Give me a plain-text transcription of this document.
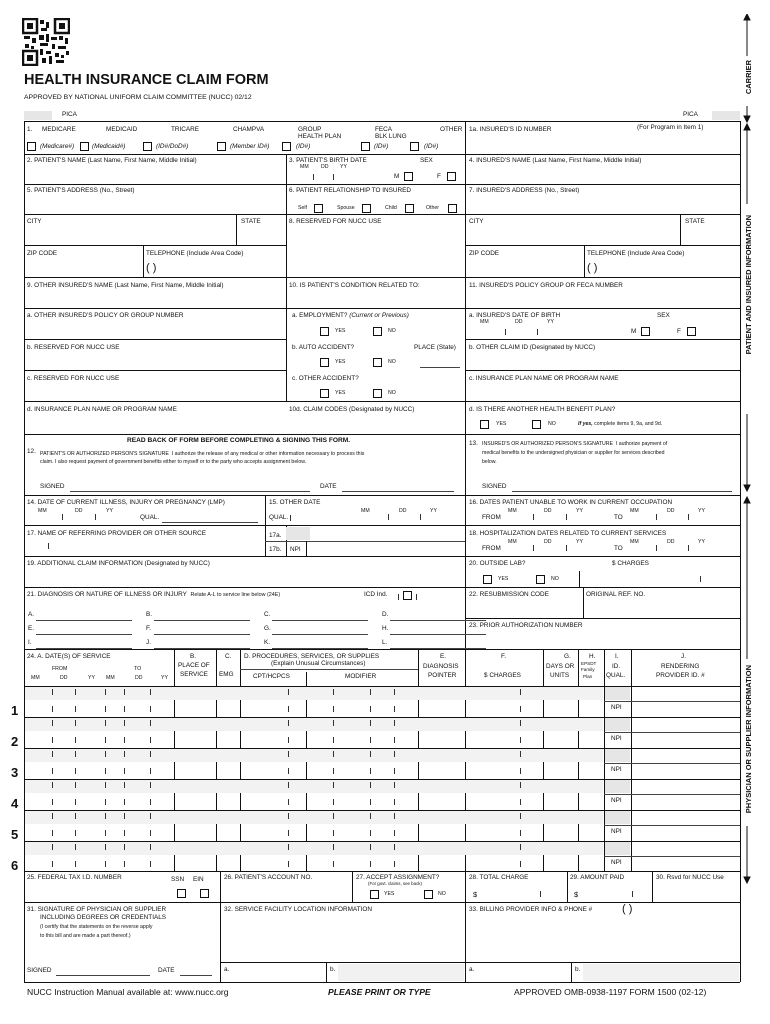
HEALTH INSURANCE CLAIM FORM
APPROVED BY NATIONAL UNIFORM CLAIM COMMITTEE (NUCC) 02/12
CARRIER
PATIENT AND INSURED INFORMATION
PHYSICIAN OR SUPPLIER INFORMATION
PICA	PICA
1. MEDICARE	MEDICAID	TRICARE	CHAMPVA	GROUP
HEALTH PLAN
FECA
BLK LUNG
OTHER
(Medicare#)	(Medicaid#)	(ID#/DoD#)	(Member ID#)	(ID#)	(ID#)	(ID#)
1a. INSURED'S ID NUMBER	(For Program in Item 1)
2. PATIENT'S NAME (Last Name, First Name, Middle Initial)	3. PATIENT'S BIRTH DATE	SEX
MM DD YY
M	F
4. INSURED'S NAME (Last Name, First Name, Middle Initial)
5. PATIENT'S ADDRESS (No., Street)	6. PATIENT RELATIONSHIP TO INSURED
Self	Spouse	Child	Other
7. INSURED'S ADDRESS (No., Street)
CITY	STATE	8. RESERVED FOR NUCC USE	CITY	STATE
ZIP CODE	TELEPHONE (Include Area Code)
( )
ZIP CODE	TELEPHONE (Include Area Code)
( )
9. OTHER INSURED'S NAME (Last Name, First Name, Middle Initial)	10. IS PATIENT'S CONDITION RELATED TO:	11. INSURED'S POLICY GROUP OR FECA NUMBER
a. OTHER INSURED'S POLICY OR GROUP NUMBER	a. EMPLOYMENT? (Current or Previous)
YES	NO
a. INSURED'S DATE OF BIRTH	SEX
MM	DD	YY
M	F
b. RESERVED FOR NUCC USE	b. AUTO ACCIDENT?	PLACE (State)
YES	NO
b. OTHER CLAIM ID (Designated by NUCC)
c. RESERVED FOR NUCC USE	c. OTHER ACCIDENT?
YES	NO
c. INSURANCE PLAN NAME OR PROGRAM NAME
d. INSURANCE PLAN NAME OR PROGRAM NAME	10d. CLAIM CODES (Designated by NUCC)	d. IS THERE ANOTHER HEALTH BENEFIT PLAN?
YES	NO	If yes, complete items 9, 9a, and 9d.
READ BACK OF FORM BEFORE COMPLETING & SIGNING THIS FORM.
12. PATIENT'S OR AUTHORIZED PERSON'S SIGNATURE I authorize the release of any medical or other information necessary to process this
claim. I also request payment of government benefits either to myself or to the party who accepts assignment below.
SIGNED	DATE
13. INSURED'S OR AUTHORIZED PERSON'S SIGNATURE I authorize payment of
medical benefits to the undersigned physician or supplier for services described
below.
SIGNED
14. DATE OF CURRENT ILLNESS, INJURY OR PREGNANCY (LMP)
MM	DD	YY
QUAL.
15. OTHER DATE
QUAL.
MM	DD	YY
16. DATES PATIENT UNABLE TO WORK IN CURRENT OCCUPATION
FROM
MM	DD	YY
TO
MM	DD	YY
17. NAME OF REFERRING PROVIDER OR OTHER SOURCE	17a.
17b. NPI
18. HOSPITALIZATION DATES RELATED TO CURRENT SERVICES
FROM
MM	DD	YY
TO
MM	DD	YY
19. ADDITIONAL CLAIM INFORMATION (Designated by NUCC)	20. OUTSIDE LAB?	$ CHARGES
YES	NO
21. DIAGNOSIS OR NATURE OF ILLNESS OR INJURY Relate A-L to service line below (24E)	ICD Ind.
A.	B.	C.	D.
E.	F.	G.	H.
I.	J.	K.	L.
22. RESUBMISSION CODE	ORIGINAL REF. NO.
23. PRIOR AUTHORIZATION NUMBER
24. A. DATE(S) OF SERVICE
FROM	TO
MM	DD	YY MM	DD	YY
B.
PLACE OF
SERVICE
C.
EMG
D. PROCEDURES, SERVICES, OR SUPPLIES
(Explain Unusual Circumstances)
CPT/HCPCS	MODIFIER
E.
DIAGNOSIS
POINTER
F.
$ CHARGES
G.
DAYS OR
UNITS
H.
EPSDT
Family
Plan
I.
ID.
QUAL.
J.
RENDERING
PROVIDER ID. #
1	NPI
2	NPI
3	NPI
4	NPI
5	NPI
6	NPI
25. FEDERAL TAX I.D. NUMBER	SSN EIN	26. PATIENT'S ACCOUNT NO.	27. ACCEPT ASSIGNMENT?
(For govt. claims, see back)
YES	NO
28. TOTAL CHARGE
$
29. AMOUNT PAID
$
30. Rsvd for NUCC Use
31. SIGNATURE OF PHYSICIAN OR SUPPLIER
INCLUDING DEGREES OR CREDENTIALS
(I certify that the statements on the reverse apply
to this bill and are made a part thereof.)
SIGNED	DATE
32. SERVICE FACILITY LOCATION INFORMATION
a.	b.
33. BILLING PROVIDER INFO & PHONE #	( )
a.	b.
NUCC Instruction Manual available at: www.nucc.org	PLEASE PRINT OR TYPE	APPROVED OMB-0938-1197 FORM 1500 (02-12)
